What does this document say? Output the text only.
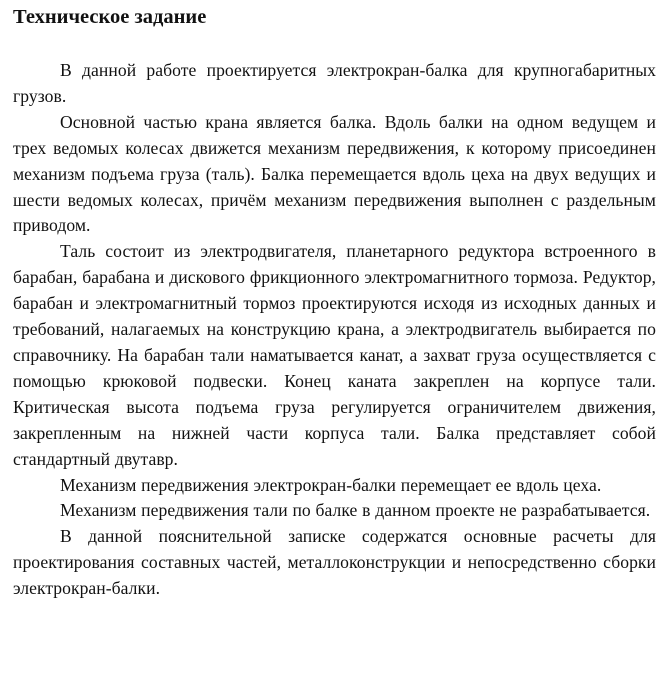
Техническое задание

В данной работе проектируется электрокран-балка для крупногабаритных грузов.

Основной частью крана является балка. Вдоль балки на одном ведущем и трех ведомых колесах движется механизм передвижения, к которому присоединен механизм подъема груза (таль). Балка перемещается вдоль цеха на двух ведущих и шести ведомых колесах, причём механизм передвижения выполнен с раздельным приводом.

Таль состоит из электродвигателя, планетарного редуктора встроенного в барабан, барабана и дискового фрикционного электромагнитного тормоза. Редуктор, барабан и электромагнитный тормоз проектируются исходя из исходных данных и требований, налагаемых на конструкцию крана, а электродвигатель выбирается по справочнику. На барабан тали наматывается канат, а захват груза осуществляется с помощью крюковой подвески. Конец каната закреплен на корпусе тали. Критическая высота подъема груза регулируется ограничителем движения, закрепленным на нижней части корпуса тали. Балка представляет собой стандартный двутавр.

Механизм передвижения электрокран-балки перемещает ее вдоль цеха.

Механизм передвижения тали по балке в данном проекте не разрабатывается.

В данной пояснительной записке содержатся основные расчеты для проектирования составных частей, металлоконструкции и непосредственно сборки электрокран-балки.
